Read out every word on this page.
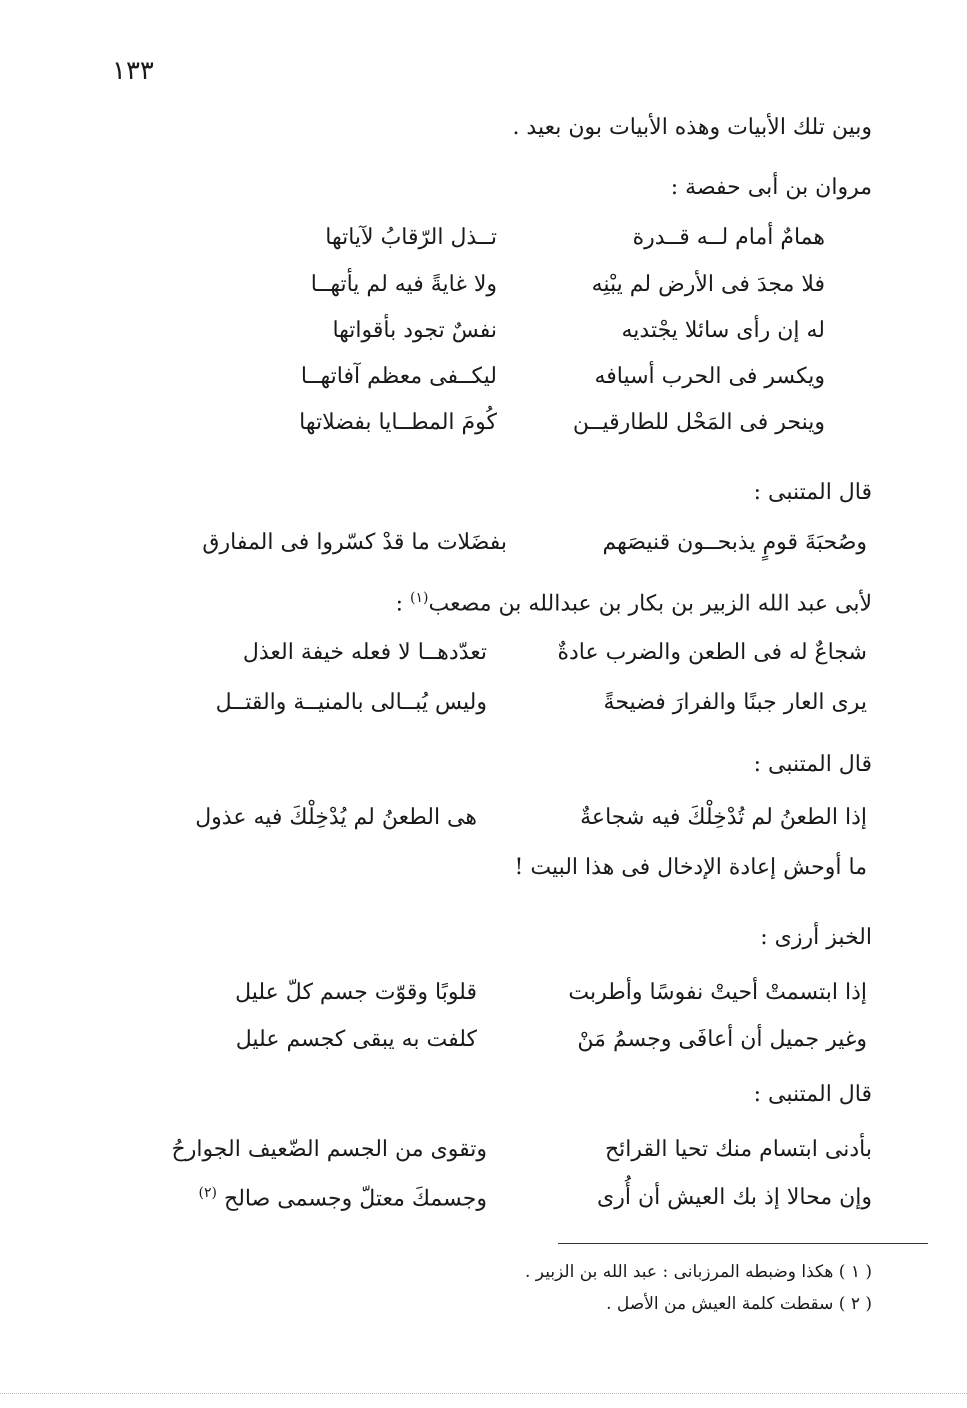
١٣٣
وبين تلك الأبيات وهذه الأبيات بون بعيد .
مروان بن أبى حفصة :
همامٌ أمام لــه قــدرة
تــذل الرّقابُ لآياتها
فلا مجدَ فى الأرض لم يبْنِه
ولا غايةً فيه لم يأتهــا
له إن رأى سائلا يجْتديه
نفسٌ تجود بأقواتها
ويكسر فى الحرب أسيافه
ليكــفى معظم آفاتهــا
وينحر فى المَحْل للطارقيــن
كُومَ المطــايا بفضلاتها
قال المتنبى :
وصُحبَةَ قومٍ يذبحــون قنيصَهم
بفضَلات ما قدْ كسّروا فى المفارق
لأبى عبد الله الزبير بن بكار بن عبدالله بن مصعب$^{(١)}$ :
شجاعٌ له فى الطعن والضرب عادةٌ
تعدّدهــا لا فعله خيفة العذل
يرى العار جبنًا والفرارَ فضيحةً
وليس يُبــالى بالمنيــة والقتــل
قال المتنبى :
إذا الطعنُ لم تُدْخِلْكَ فيه شجاعةٌ
هى الطعنُ لم يُدْخِلْكَ فيه عذول
ما أوحش إعادة الإدخال فى هذا البيت !
الخبز أرزى :
إذا ابتسمتْ أحيتْ نفوسًا وأطربت
قلوبًا وقوّت جسم كلّ عليل
وغير جميل أن أعافَى وجسمُ مَنْ
كلفت به يبقى كجسم عليل
قال المتنبى :
بأدنى ابتسام منك تحيا القرائح
وتقوى من الجسم الضّعيف الجوارحُ
وإن محالا إذ بك العيش أن أُرى
وجسمكَ معتلّ وجسمى صالح $^{(٢)}$
( ١ ) هكذا وضبطه المرزبانى : عبد الله بن الزبير .
( ٢ ) سقطت كلمة العيش من الأصل .
